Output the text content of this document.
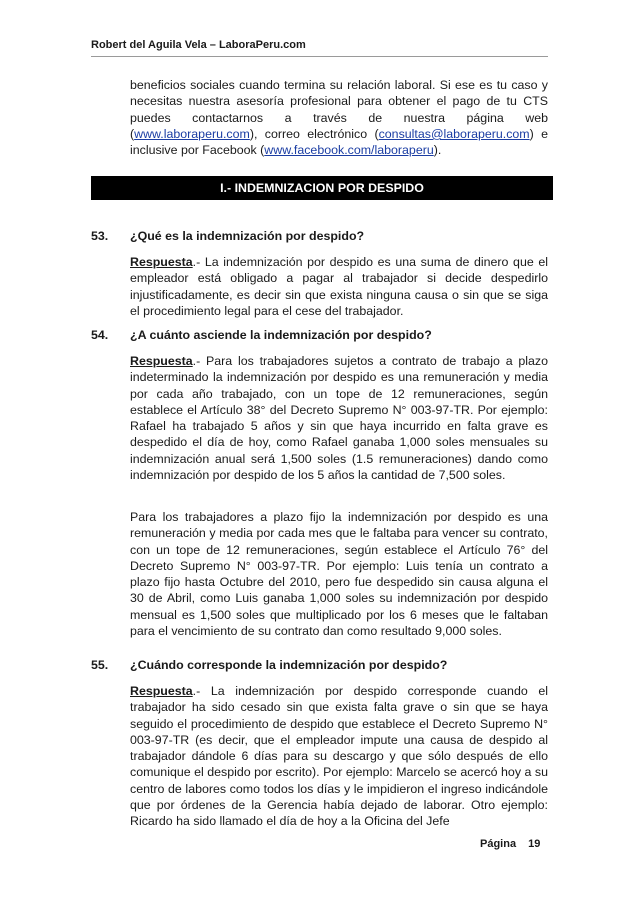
Robert del Aguila Vela – LaboraPeru.com

beneficios sociales cuando termina su relación laboral. Si ese es tu caso y necesitas nuestra asesoría profesional para obtener el pago de tu CTS puedes contactarnos a través de nuestra página web (www.laboraperu.com), correo electrónico (consultas@laboraperu.com) e inclusive por Facebook (www.facebook.com/laboraperu).

I.- INDEMNIZACION POR DESPIDO
53. ¿Qué es la indemnización por despido?

Respuesta.- La indemnización por despido es una suma de dinero que el empleador está obligado a pagar al trabajador si decide despedirlo injustificadamente, es decir sin que exista ninguna causa o sin que se siga el procedimiento legal para el cese del trabajador.

54. ¿A cuánto asciende la indemnización por despido?

Respuesta.- Para los trabajadores sujetos a contrato de trabajo a plazo indeterminado la indemnización por despido es una remuneración y media por cada año trabajado, con un tope de 12 remuneraciones, según establece el Artículo 38° del Decreto Supremo N° 003-97-TR. Por ejemplo: Rafael ha trabajado 5 años y sin que haya incurrido en falta grave es despedido el día de hoy, como Rafael ganaba 1,000 soles mensuales su indemnización anual será 1,500 soles (1.5 remuneraciones) dando como indemnización por despido de los 5 años la cantidad de 7,500 soles.

Para los trabajadores a plazo fijo la indemnización por despido es una remuneración y media por cada mes que le faltaba para vencer su contrato, con un tope de 12 remuneraciones, según establece el Artículo 76° del Decreto Supremo N° 003-97-TR. Por ejemplo: Luis tenía un contrato a plazo fijo hasta Octubre del 2010, pero fue despedido sin causa alguna el 30 de Abril, como Luis ganaba 1,000 soles su indemnización por despido mensual es 1,500 soles que multiplicado por los 6 meses que le faltaban para el vencimiento de su contrato dan como resultado 9,000 soles.

55. ¿Cuándo corresponde la indemnización por despido?

Respuesta.- La indemnización por despido corresponde cuando el trabajador ha sido cesado sin que exista falta grave o sin que se haya seguido el procedimiento de despido que establece el Decreto Supremo N° 003-97-TR (es decir, que el empleador impute una causa de despido al trabajador dándole 6 días para su descargo y que sólo después de ello comunique el despido por escrito). Por ejemplo: Marcelo se acercó hoy a su centro de labores como todos los días y le impidieron el ingreso indicándole que por órdenes de la Gerencia había dejado de laborar. Otro ejemplo: Ricardo ha sido llamado el día de hoy a la Oficina del Jefe

Página 19
